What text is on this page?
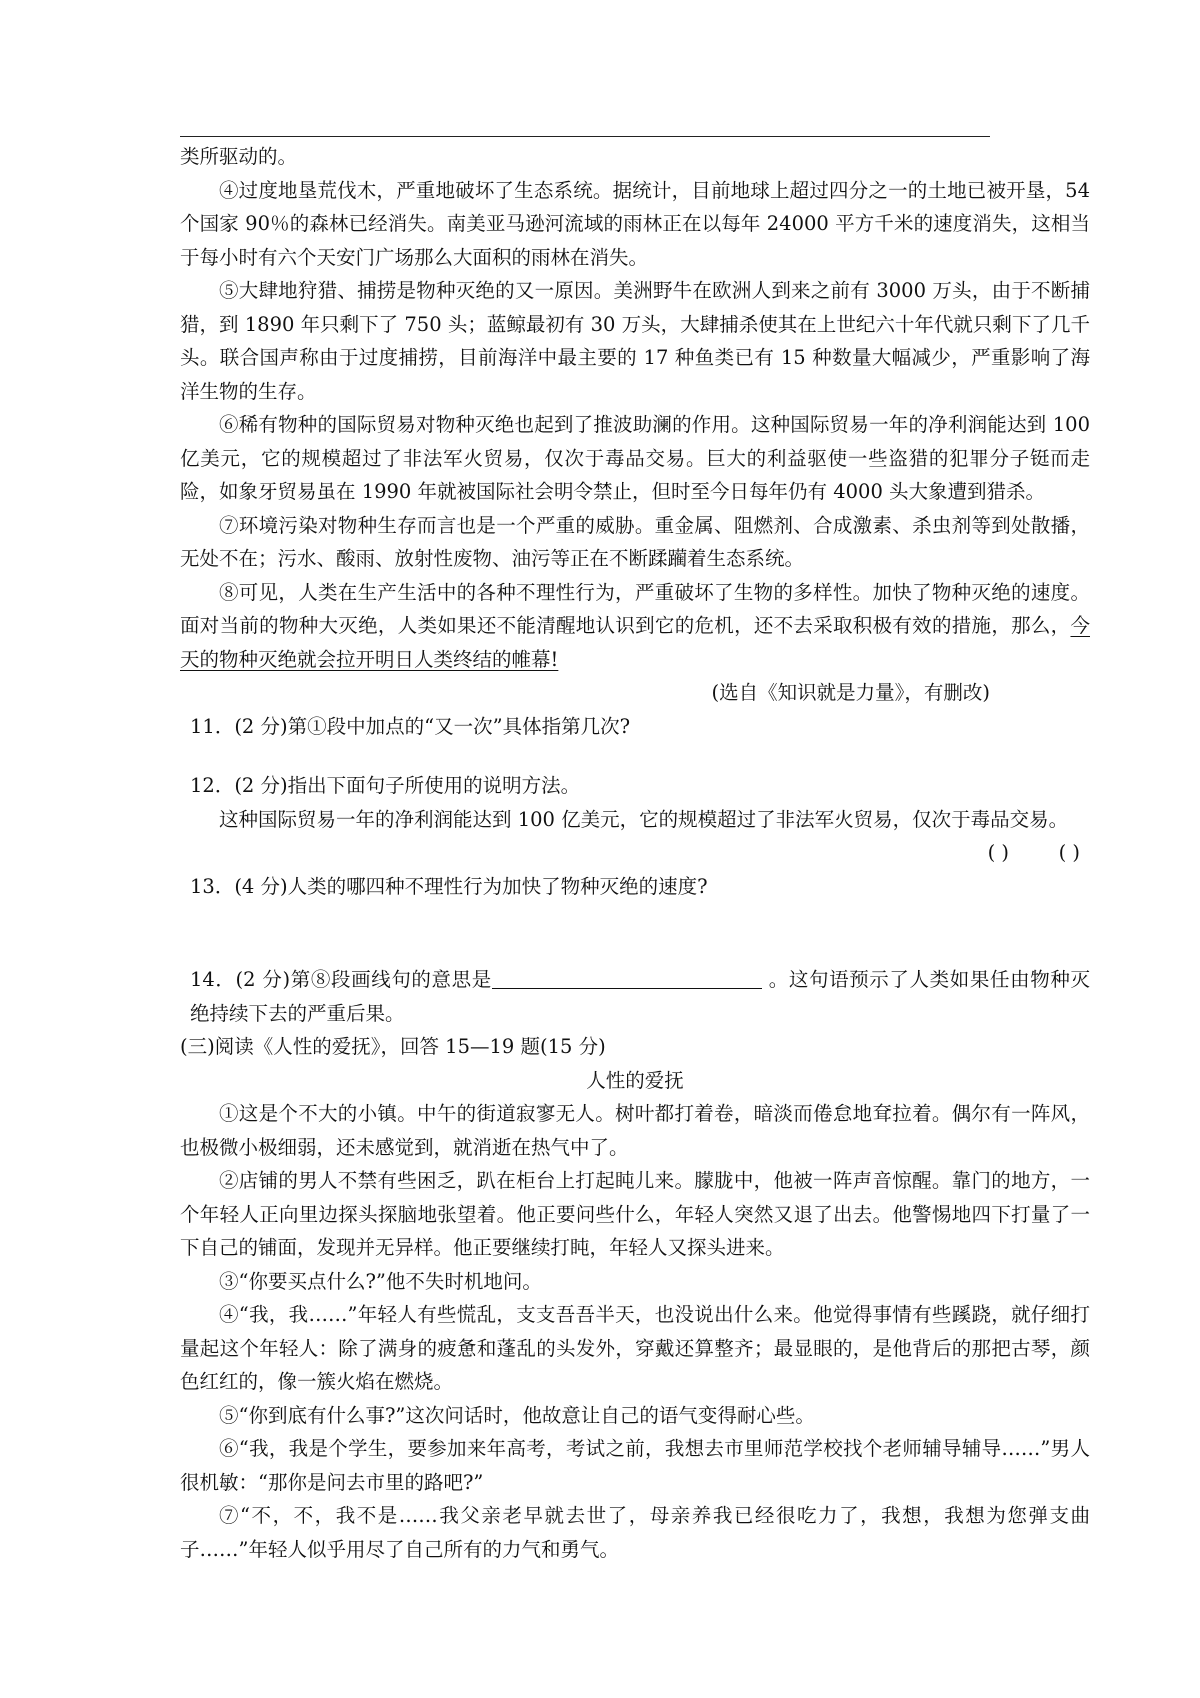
类所驱动的。

④过度地垦荒伐木，严重地破坏了生态系统。据统计，目前地球上超过四分之一的土地已被开垦，54 个国家 90％的森林已经消失。南美亚马逊河流域的雨林正在以每年 24000 平方千米的速度消失，这相当于每小时有六个天安门广场那么大面积的雨林在消失。

⑤大肆地狩猎、捕捞是物种灭绝的又一原因。美洲野牛在欧洲人到来之前有 3000 万头，由于不断捕猎，到 1890 年只剩下了 750 头；蓝鲸最初有 30 万头，大肆捕杀使其在上世纪六十年代就只剩下了几千头。联合国声称由于过度捕捞，目前海洋中最主要的 17 种鱼类已有 15 种数量大幅减少，严重影响了海洋生物的生存。

⑥稀有物种的国际贸易对物种灭绝也起到了推波助澜的作用。这种国际贸易一年的净利润能达到 100 亿美元，它的规模超过了非法军火贸易，仅次于毒品交易。巨大的利益驱使一些盗猎的犯罪分子铤而走险，如象牙贸易虽在 1990 年就被国际社会明令禁止，但时至今日每年仍有 4000 头大象遭到猎杀。

⑦环境污染对物种生存而言也是一个严重的威胁。重金属、阻燃剂、合成激素、杀虫剂等到处散播，无处不在；污水、酸雨、放射性废物、油污等正在不断蹂躏着生态系统。

⑧可见，人类在生产生活中的各种不理性行为，严重破坏了生物的多样性。加快了物种灭绝的速度。面对当前的物种大灭绝，人类如果还不能清醒地认识到它的危机，还不去采取积极有效的措施，那么，今天的物种灭绝就会拉开明日人类终结的帷幕!

(选自《知识就是力量》，有删改)

11．(2 分)第①段中加点的“又一次”具体指第几次?

12．(2 分)指出下面句子所使用的说明方法。

这种国际贸易一年的净利润能达到 100 亿美元，它的规模超过了非法军火贸易，仅次于毒品交易。

( )	( )

13．(4 分)人类的哪四种不理性行为加快了物种灭绝的速度?

14．(2 分)第⑧段画线句的意思是	。这句语预示了人类如果任由物种灭绝持续下去的严重后果。

(三)阅读《人性的爱抚》，回答 15—19 题(15 分)

人性的爱抚

①这是个不大的小镇。中午的街道寂寥无人。树叶都打着卷，暗淡而倦怠地耷拉着。偶尔有一阵风，也极微小极细弱，还未感觉到，就消逝在热气中了。

②店铺的男人不禁有些困乏，趴在柜台上打起盹儿来。朦胧中，他被一阵声音惊醒。靠门的地方，一个年轻人正向里边探头探脑地张望着。他正要问些什么，年轻人突然又退了出去。他警惕地四下打量了一下自己的铺面，发现并无异样。他正要继续打盹，年轻人又探头进来。

③“你要买点什么?”他不失时机地问。

④“我，我……”年轻人有些慌乱，支支吾吾半天，也没说出什么来。他觉得事情有些蹊跷，就仔细打量起这个年轻人：除了满身的疲惫和蓬乱的头发外，穿戴还算整齐；最显眼的，是他背后的那把古琴，颜色红红的，像一簇火焰在燃烧。

⑤“你到底有什么事?”这次问话时，他故意让自己的语气变得耐心些。

⑥“我，我是个学生，要参加来年高考，考试之前，我想去市里师范学校找个老师辅导辅导……”男人很机敏：“那你是问去市里的路吧?”

⑦“不，不，我不是……我父亲老早就去世了，母亲养我已经很吃力了，我想，我想为您弹支曲子……”年轻人似乎用尽了自己所有的力气和勇气。
